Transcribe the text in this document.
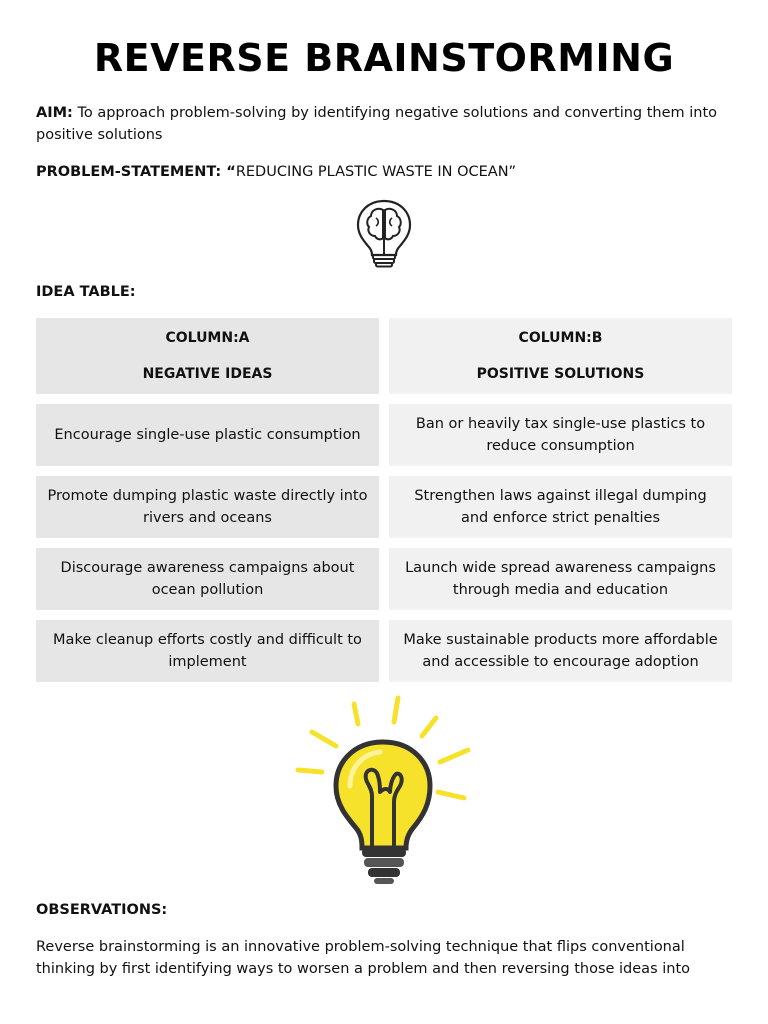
REVERSE BRAINSTORMING
AIM: To approach problem-solving by identifying negative solutions and converting them into positive solutions
PROBLEM-STATEMENT: “REDUCING PLASTIC WASTE IN OCEAN”
IDEA TABLE:
COLUMN:A
NEGATIVE IDEAS
COLUMN:B
POSITIVE SOLUTIONS
Encourage single-use plastic consumption
Ban or heavily tax single-use plastics to reduce consumption
Promote dumping plastic waste directly into rivers and oceans
Strengthen laws against illegal dumping and enforce strict penalties
Discourage awareness campaigns about ocean pollution
Launch wide spread awareness campaigns through media and education
Make cleanup efforts costly and difficult to implement
Make sustainable products more affordable and accessible to encourage adoption
OBSERVATIONS:
Reverse brainstorming is an innovative problem-solving technique that flips conventional thinking by first identifying ways to worsen a problem and then reversing those ideas into
